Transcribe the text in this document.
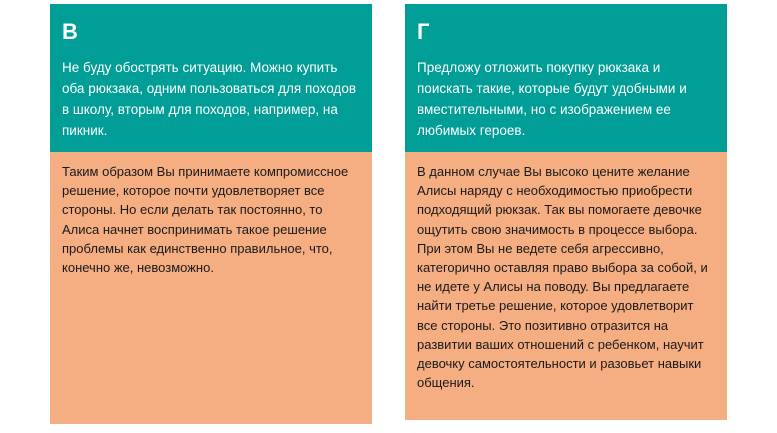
В

Не буду обострять ситуацию. Можно купить оба рюкзака, одним пользоваться для походов в школу, вторым для походов, например, на пикник.

Таким образом Вы принимаете компромиссное решение, которое почти удовлетворяет все стороны. Но если делать так постоянно, то Алиса начнет воспринимать такое решение проблемы как единственно правильное, что, конечно же, невозможно.

Г

Предложу отложить покупку рюкзака и поискать такие, которые будут удобными и вместительными, но с изображением ее любимых героев.

В данном случае Вы высоко цените желание Алисы наряду с необходимостью приобрести подходящий рюкзак. Так вы помогаете девочке ощутить свою значимость в процессе выбора. При этом Вы не ведете себя агрессивно, категорично оставляя право выбора за собой, и не идете у Алисы на поводу. Вы предлагаете найти третье решение, которое удовлетворит все стороны. Это позитивно отразится на развитии ваших отношений с ребенком, научит девочку самостоятельности и разовьет навыки общения.
